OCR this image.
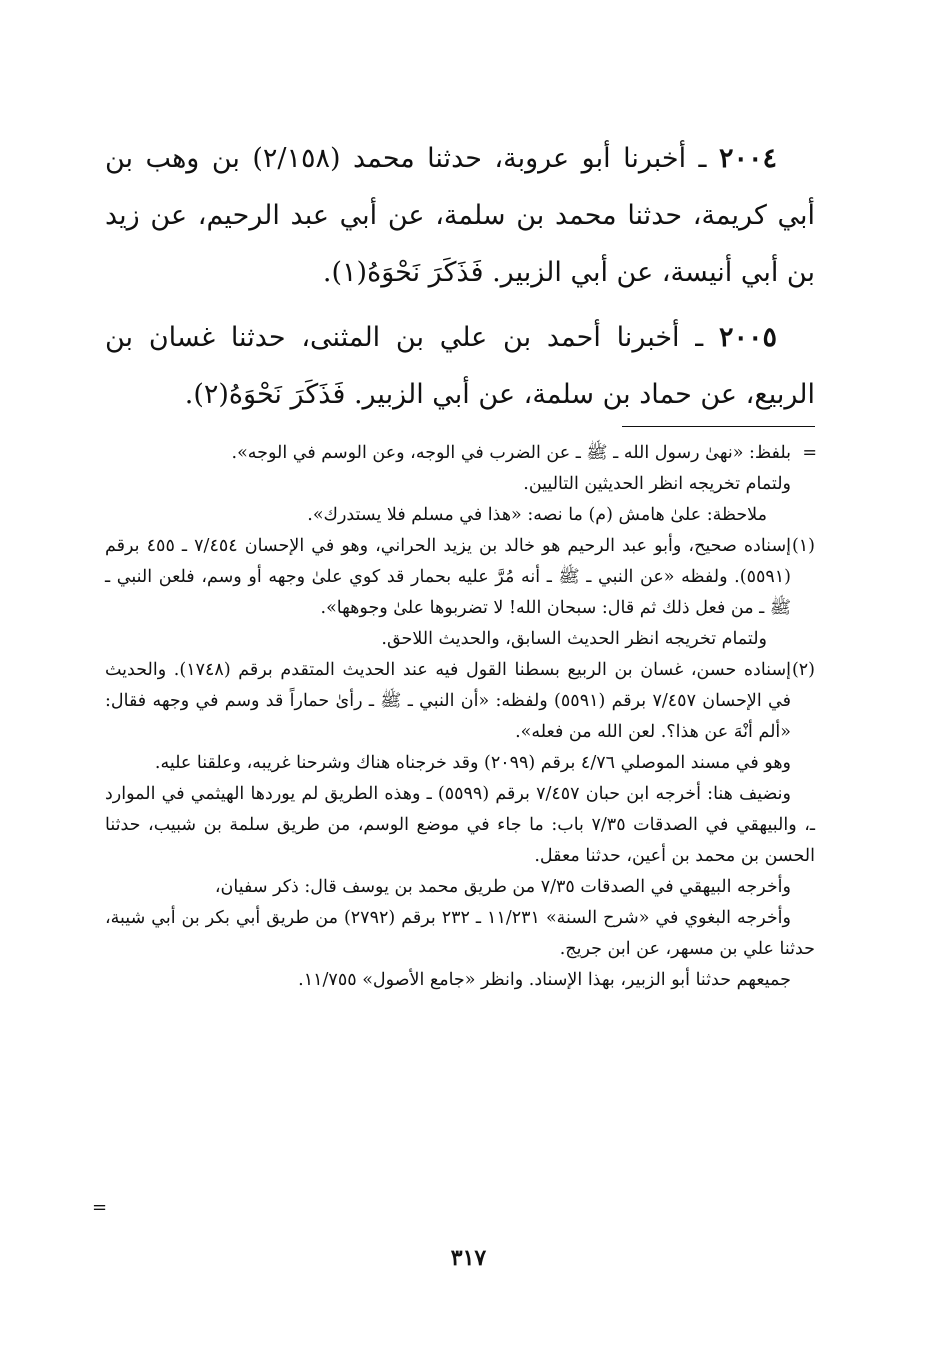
٢٠٠٤ ـ أخبرنا أبو عروبة، حدثنا محمد (٢/١٥٨) بن وهب بن أبي كريمة، حدثنا محمد بن سلمة، عن أبي عبد الرحيم، عن زيد بن أبي أنيسة، عن أبي الزبير. فَذَكَرَ نَحْوَهُ(١).

٢٠٠٥ ـ أخبرنا أحمد بن علي بن المثنى، حدثنا غسان بن الربيع، عن حماد بن سلمة، عن أبي الزبير. فَذَكَرَ نَحْوَهُ(٢).

=
بلفظ: «نهىٰ رسول الله ـ ﷺ ـ عن الضرب في الوجه، وعن الوسم في الوجه».

ولتمام تخريجه انظر الحديثين التاليين.

ملاحظة: علىٰ هامش (م) ما نصه: «هذا في مسلم فلا يستدرك».

(١)
إسناده صحيح، وأبو عبد الرحيم هو خالد بن يزيد الحراني، وهو في الإحسان ٧/٤٥٤ ـ ٤٥٥ برقم (٥٥٩١). ولفظه «عن النبي ـ ﷺ ـ أنه مُرَّ عليه بحمار قد كوي علىٰ وجهه أو وسم، فلعن النبي ـ ﷺ ـ من فعل ذلك ثم قال: سبحان الله! لا تضربوها علىٰ وجوهها».

ولتمام تخريجه انظر الحديث السابق، والحديث اللاحق.

(٢)
إسناده حسن، غسان بن الربيع بسطنا القول فيه عند الحديث المتقدم برقم (١٧٤٨). والحديث في الإحسان ٧/٤٥٧ برقم (٥٥٩١) ولفظه: «أن النبي ـ ﷺ ـ رأىٰ حماراً قد وسم في وجهه فقال: «ألم أنْهَ عن هذا؟. لعن الله من فعله».

وهو في مسند الموصلي ٤/٧٦ برقم (٢٠٩٩) وقد خرجناه هناك وشرحنا غريبه، وعلقنا عليه.

ونضيف هنا: أخرجه ابن حبان ٧/٤٥٧ برقم (٥٥٩٩) ـ وهذه الطريق لم يوردها الهيثمي في الموارد ـ، والبيهقي في الصدقات ٧/٣٥ باب: ما جاء في موضع الوسم، من طريق سلمة بن شبيب، حدثنا الحسن بن محمد بن أعين، حدثنا معقل.

وأخرجه البيهقي في الصدقات ٧/٣٥ من طريق محمد بن يوسف قال: ذكر سفيان،

وأخرجه البغوي في «شرح السنة» ١١/٢٣١ ـ ٢٣٢ برقم (٢٧٩٢) من طريق أبي بكر بن أبي شيبة، حدثنا علي بن مسهر، عن ابن جريج.

جميعهم حدثنا أبو الزبير، بهذا الإسناد. وانظر «جامع الأصول» ١١/٧٥٥.

=
٣١٧
